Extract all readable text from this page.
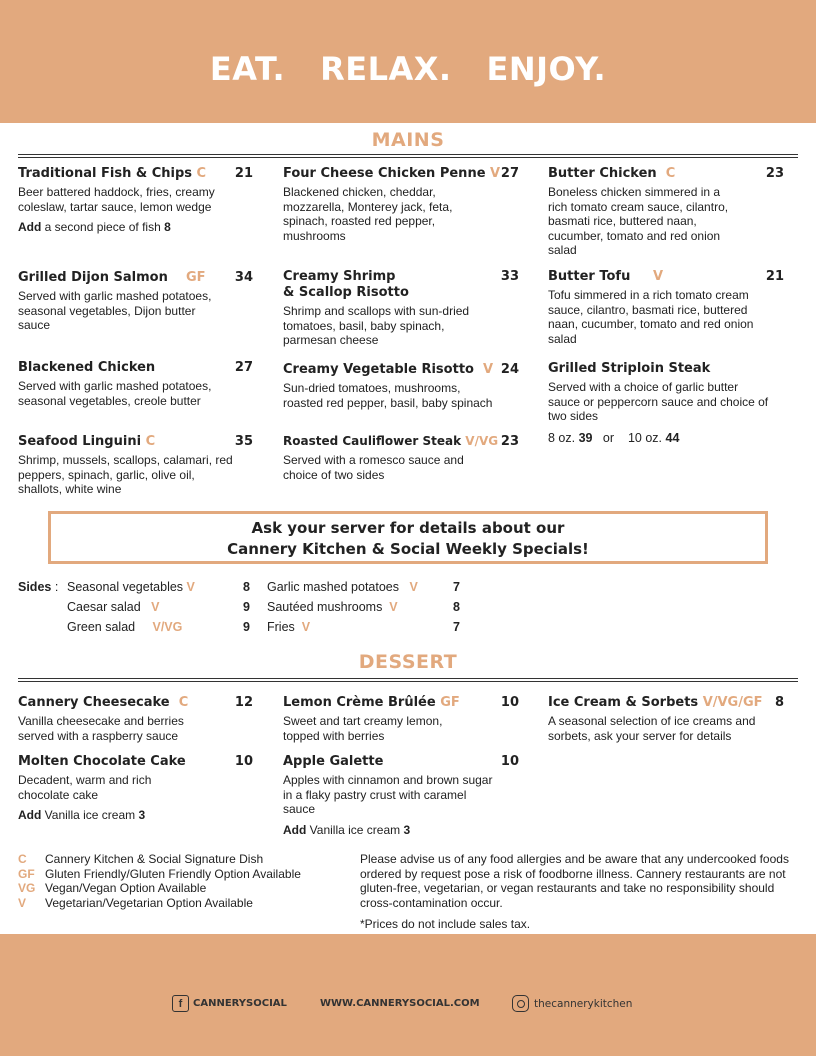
EAT.   RELAX.   ENJOY.
MAINS
Traditional Fish & Chips C	21
Beer battered haddock, fries, creamy coleslaw, tartar sauce, lemon wedge
Add a second piece of fish 8
Grilled Dijon Salmon GF	34
Served with garlic mashed potatoes, seasonal vegetables, Dijon butter sauce
Blackened Chicken	27
Served with garlic mashed potatoes, seasonal vegetables, creole butter
Seafood Linguini C	35
Shrimp, mussels, scallops, calamari, red peppers, spinach, garlic, olive oil, shallots, white wine
Four Cheese Chicken Penne V 27
Blackened chicken, cheddar, mozzarella, Monterey jack, feta, spinach, roasted red pepper, mushrooms
Creamy Shrimp
& Scallop Risotto
33
Shrimp and scallops with sun-dried tomatoes, basil, baby spinach, parmesan cheese
Creamy Vegetable Risotto V 24
Sun-dried tomatoes, mushrooms, roasted red pepper, basil, baby spinach
Roasted Cauliflower Steak V/VG 23
Served with a romesco sauce and choice of two sides
Butter Chicken C	23
Boneless chicken simmered in a rich tomato cream sauce, cilantro, basmati rice, buttered naan, cucumber, tomato and red onion salad
Butter Tofu V	21
Tofu simmered in a rich tomato cream sauce, cilantro, basmati rice, buttered naan, cucumber, tomato and red onion salad
Grilled Striploin Steak
Served with a choice of garlic butter sauce or peppercorn sauce and choice of two sides
8 oz. 39 or 10 oz. 44
Ask your server for details about our
Cannery Kitchen & Social Weekly Specials!
Sides : Seasonal vegetables V	8
Caesar salad V	9
Green salad V/VG	9
Garlic mashed potatoes V	7
Sautéed mushrooms V	8
Fries V	7
DESSERT
Cannery Cheesecake C	12
Vanilla cheesecake and berries served with a raspberry sauce
Molten Chocolate Cake	10
Decadent, warm and rich chocolate cake
Add Vanilla ice cream 3
Lemon Crème Brûlée GF	10
Sweet and tart creamy lemon, topped with berries
Apple Galette	10
Apples with cinnamon and brown sugar in a flaky pastry crust with caramel sauce
Add Vanilla ice cream 3
Ice Cream & Sorbets V/VG/GF 8
A seasonal selection of ice creams and sorbets, ask your server for details
C	Cannery Kitchen & Social Signature Dish
GF Gluten Friendly/Gluten Friendly Option Available
VG Vegan/Vegan Option Available
V	Vegetarian/Vegetarian Option Available
Please advise us of any food allergies and be aware that any undercooked foods ordered by request pose a risk of foodborne illness. Cannery restaurants are not gluten-free, vegetarian, or vegan restaurants and take no responsibility should cross-contamination occur.
*Prices do not include sales tax.
f	CANNERYSOCIAL	WWW.CANNERYSOCIAL.COM	thecannerykitchen
